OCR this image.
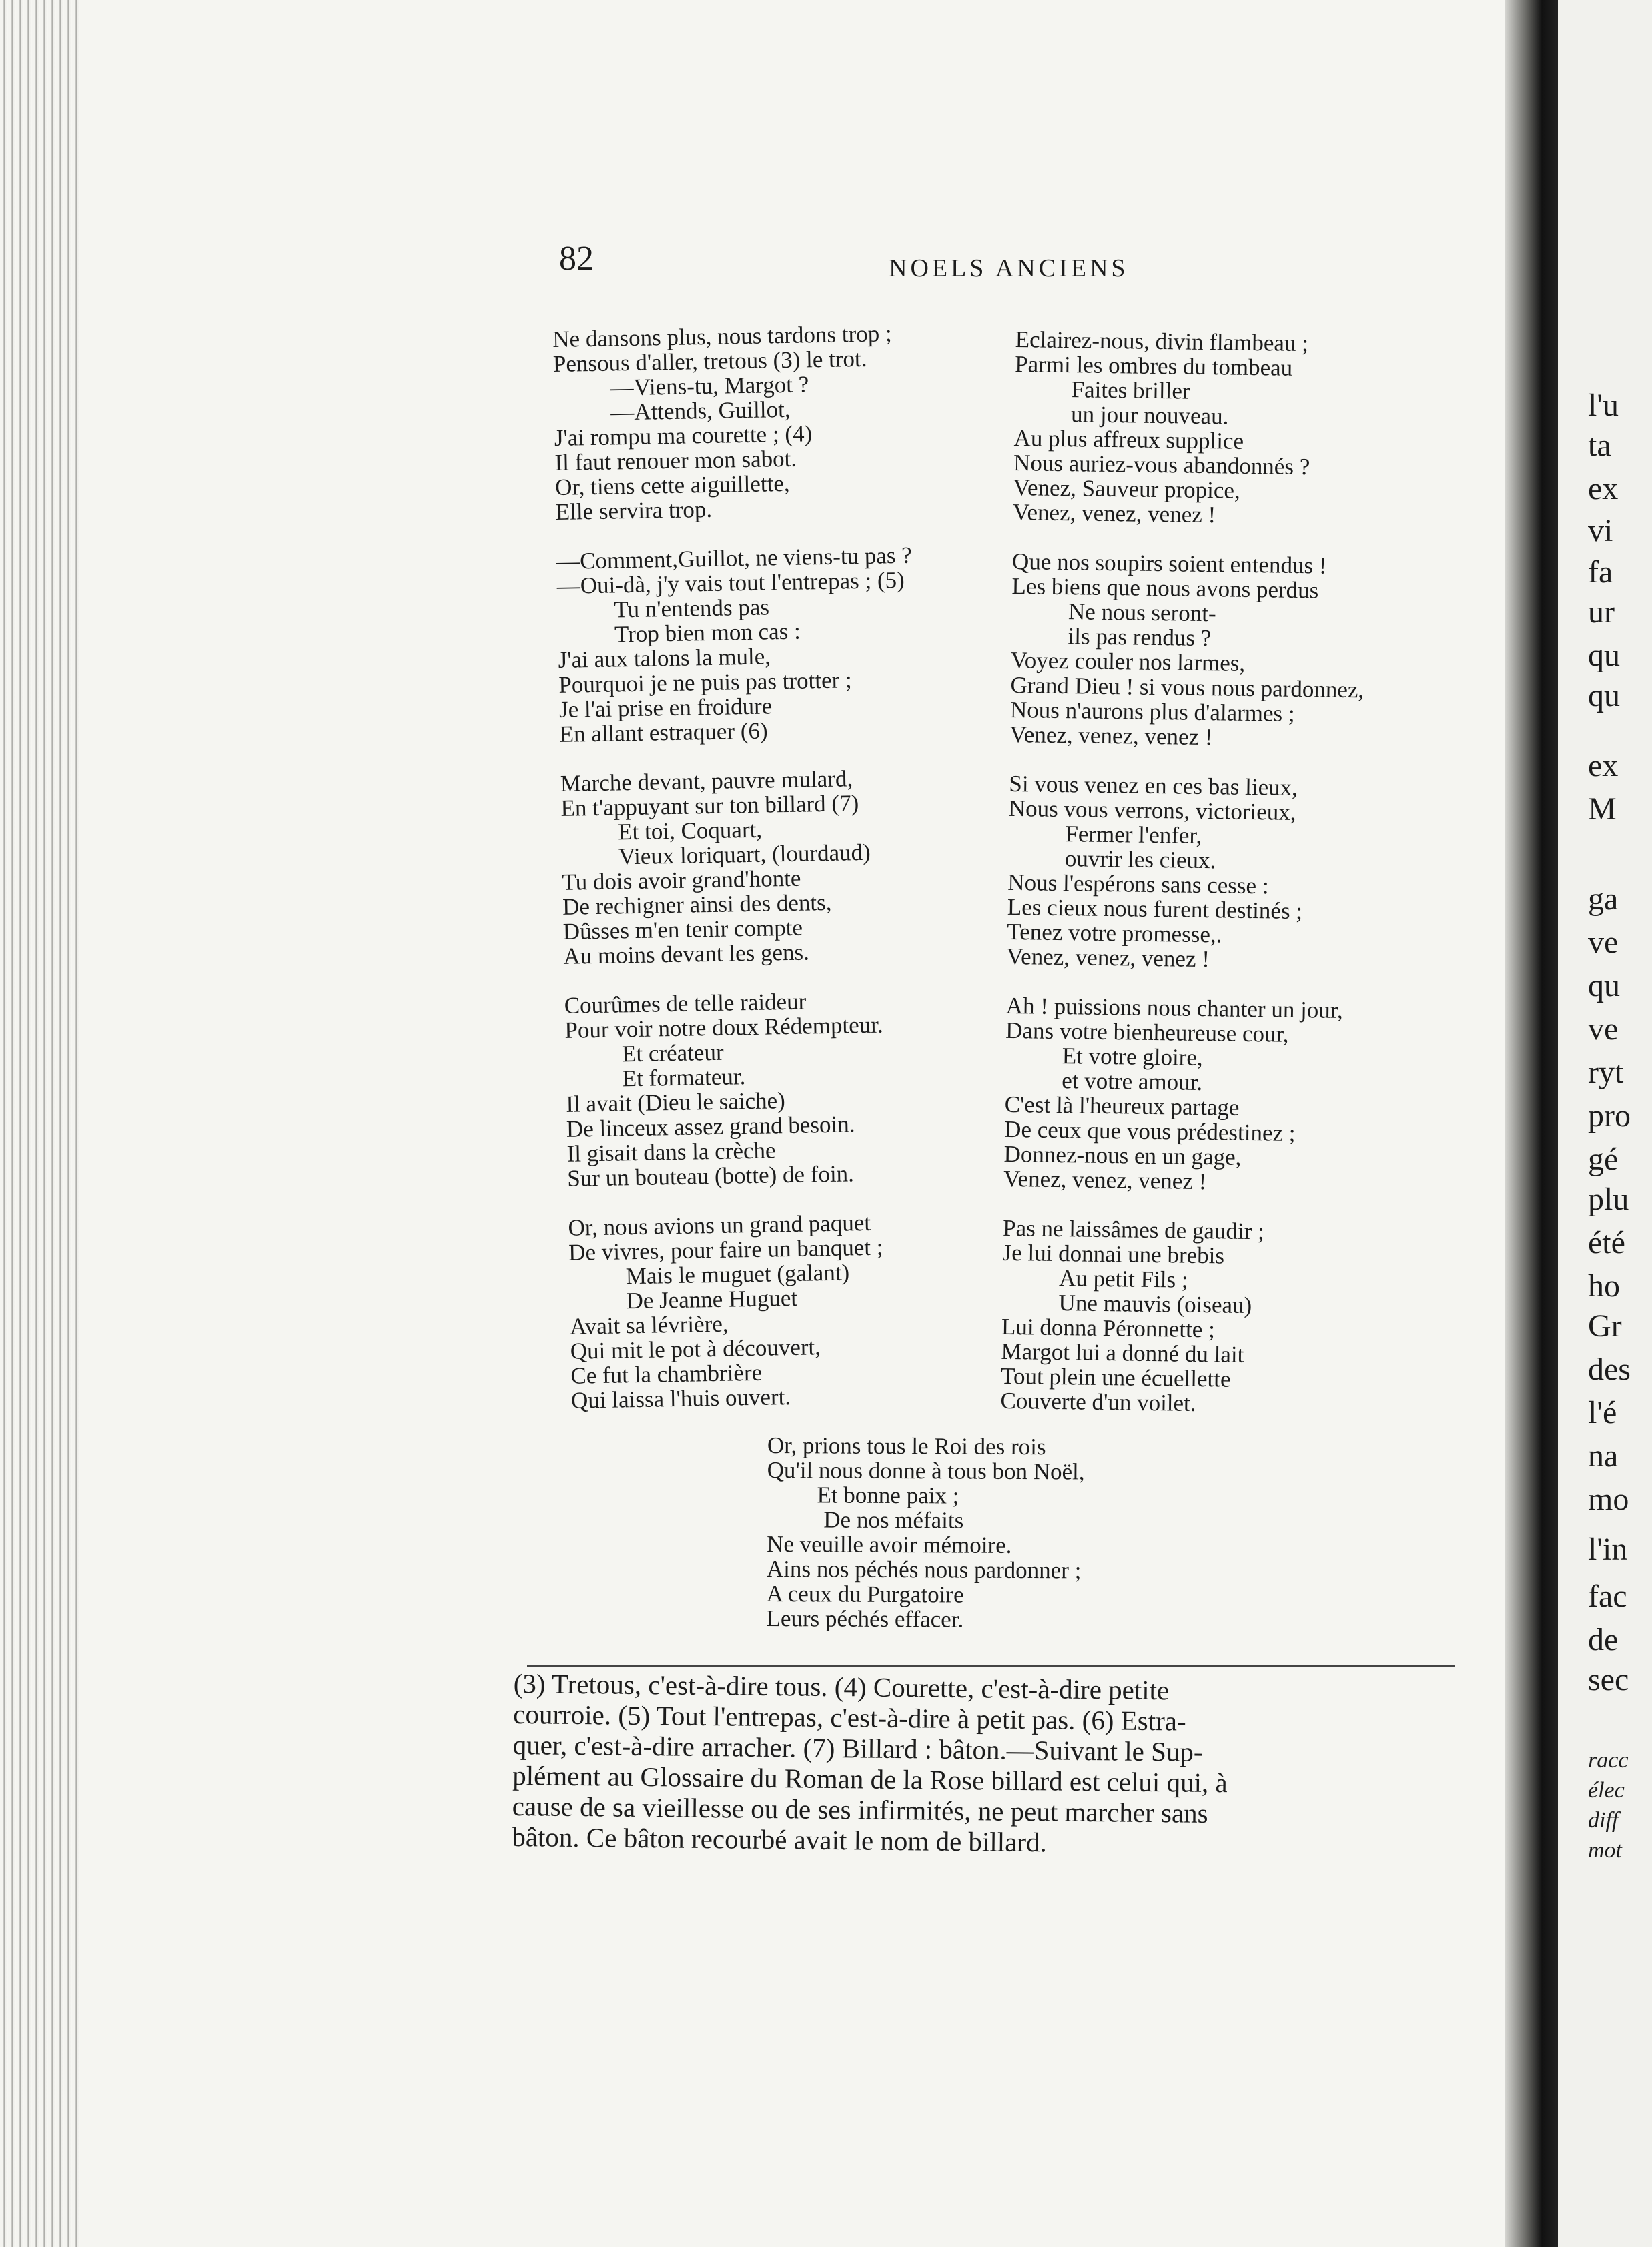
82	NOELS ANCIENS
Ne dansons plus, nous tardons trop ;
Pensous d'aller, tretous (3) le trot.
—Viens-tu, Margot ?
—Attends, Guillot,
J'ai rompu ma courette ; (4)
Il faut renouer mon sabot.
Or, tiens cette aiguillette,
Elle servira trop.
—Comment,Guillot, ne viens-tu pas ?
—Oui-dà, j'y vais tout l'entrepas ; (5)
Tu n'entends pas
Trop bien mon cas :
J'ai aux talons la mule,
Pourquoi je ne puis pas trotter ;
Je l'ai prise en froidure
En allant estraquer (6)
Marche devant, pauvre mulard,
En t'appuyant sur ton billard (7)
Et toi, Coquart,
Vieux loriquart, (lourdaud)
Tu dois avoir grand'honte
De rechigner ainsi des dents,
Dûsses m'en tenir compte
Au moins devant les gens.
Courûmes de telle raideur
Pour voir notre doux Rédempteur.
Et créateur
Et formateur.
Il avait (Dieu le saiche)
De linceux assez grand besoin.
Il gisait dans la crèche
Sur un bouteau (botte) de foin.
Or, nous avions un grand paquet
De vivres, pour faire un banquet ;
Mais le muguet (galant)
De Jeanne Huguet
Avait sa lévrière,
Qui mit le pot à découvert,
Ce fut la chambrière
Qui laissa l'huis ouvert.
Eclairez-nous, divin flambeau ;
Parmi les ombres du tombeau
Faites briller
un jour nouveau.
Au plus affreux supplice
Nous auriez-vous abandonnés ?
Venez, Sauveur propice,
Venez, venez, venez !
Que nos soupirs soient entendus !
Les biens que nous avons perdus
Ne nous seront-
ils pas rendus ?
Voyez couler nos larmes,
Grand Dieu ! si vous nous pardonnez,
Nous n'aurons plus d'alarmes ;
Venez, venez, venez !
Si vous venez en ces bas lieux,
Nous vous verrons, victorieux,
Fermer l'enfer,
ouvrir les cieux.
Nous l'espérons sans cesse :
Les cieux nous furent destinés ;
Tenez votre promesse,.
Venez, venez, venez !
Ah ! puissions nous chanter un jour,
Dans votre bienheureuse cour,
Et votre gloire,
et votre amour.
C'est là l'heureux partage
De ceux que vous prédestinez ;
Donnez-nous en un gage,
Venez, venez, venez !
Pas ne laissâmes de gaudir ;
Je lui donnai une brebis
Au petit Fils ;
Une mauvis (oiseau)
Lui donna Péronnette ;
Margot lui a donné du lait
Tout plein une écuellette
Couverte d'un voilet.
Or, prions tous le Roi des rois
Qu'il nous donne à tous bon Noël,
Et bonne paix ;
De nos méfaits
Ne veuille avoir mémoire.
Ains nos péchés nous pardonner ;
A ceux du Purgatoire
Leurs péchés effacer.
(3) Tretous, c'est-à-dire tous. (4) Courette, c'est-à-dire petite
courroie. (5) Tout l'entrepas, c'est-à-dire à petit pas. (6) Estra-
quer, c'est-à-dire arracher. (7) Billard : bâton.—Suivant le Sup-
plément au Glossaire du Roman de la Rose billard est celui qui, à
cause de sa vieillesse ou de ses infirmités, ne peut marcher sans
bâton. Ce bâton recourbé avait le nom de billard.
l'u
ta
ex
vi
fa
ur
qu
qu
ex
M
ga
ve
qu
ve
ryt
pro
gé
plu
été
ho
Gr
des
l'é
na
mo
l'in
fac
de
sec
racc
élec
diff
mot
